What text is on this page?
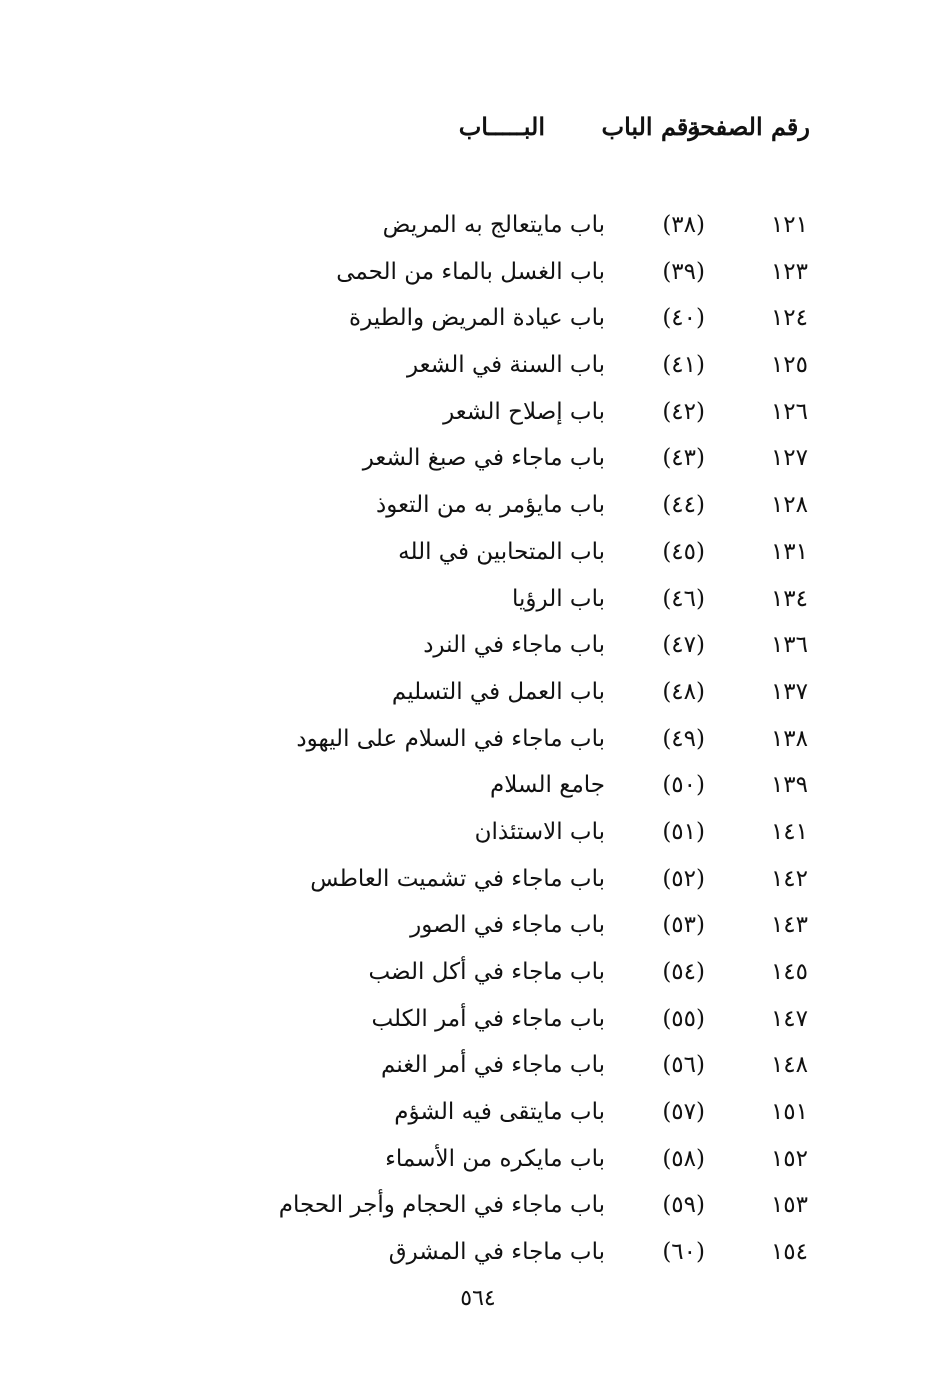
رقم الصفحة
رقم الباب
البـــــاب
١٢١
(٣٨)
باب مايتعالج به المريض
١٢٣
(٣٩)
باب الغسل بالماء من الحمى
١٢٤
(٤٠)
باب عيادة المريض والطيرة
١٢٥
(٤١)
باب السنة في الشعر
١٢٦
(٤٢)
باب إصلاح الشعر
١٢٧
(٤٣)
باب ماجاء في صبغ الشعر
١٢٨
(٤٤)
باب مايؤمر به من التعوذ
١٣١
(٤٥)
باب المتحابين في الله
١٣٤
(٤٦)
باب الرؤيا
١٣٦
(٤٧)
باب ماجاء في النرد
١٣٧
(٤٨)
باب العمل في التسليم
١٣٨
(٤٩)
باب ماجاء في السلام على اليهود
١٣٩
(٥٠)
جامع السلام
١٤١
(٥١)
باب الاستئذان
١٤٢
(٥٢)
باب ماجاء في تشميت العاطس
١٤٣
(٥٣)
باب ماجاء في الصور
١٤٥
(٥٤)
باب ماجاء في أكل الضب
١٤٧
(٥٥)
باب ماجاء في أمر الكلب
١٤٨
(٥٦)
باب ماجاء في أمر الغنم
١٥١
(٥٧)
باب مايتقى فيه الشؤم
١٥٢
(٥٨)
باب مايكره من الأسماء
١٥٣
(٥٩)
باب ماجاء في الحجام وأجر الحجام
١٥٤
(٦٠)
باب ماجاء في المشرق
٥٦٤
